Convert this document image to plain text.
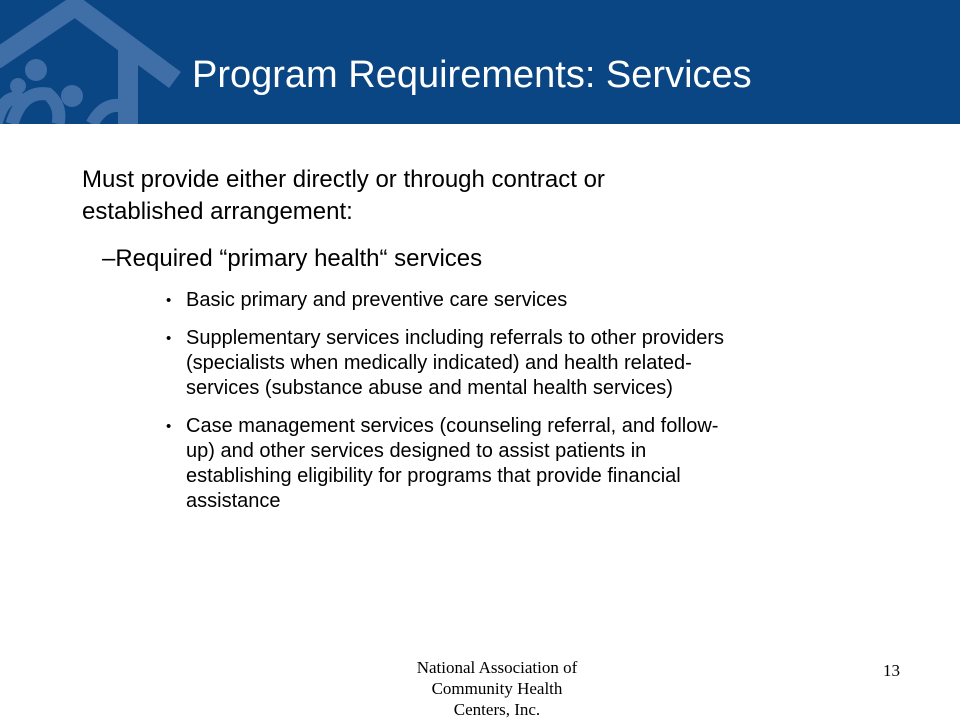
Program Requirements: Services

Must provide either directly or through contract or
established arrangement:

–Required “primary health“ services
• Basic primary and preventive care services
• Supplementary services including referrals to other providers
(specialists when medically indicated) and health related-
services (substance abuse and mental health services)
• Case management services (counseling referral, and follow-
up) and other services designed to assist patients in
establishing eligibility for programs that provide financial
assistance
National Association of
Community Health
Centers, Inc.
13
